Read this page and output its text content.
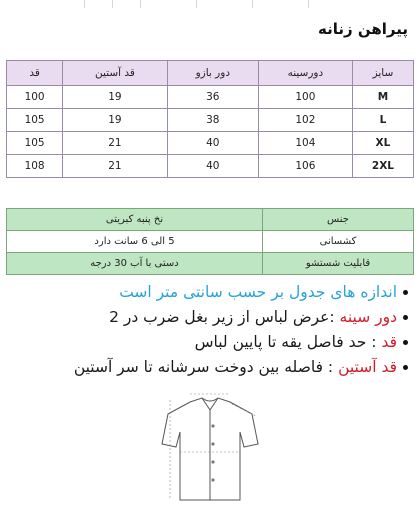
پیراهن زنانه
سایز	دورسینه	دور بازو	قد آستین	قد
M	100	36	19	100
L	102	38	19	105
XL	104	40	21	105
2XL	106	40	21	108
جنس	نخ پنبه کبریتی
کشسانی	5 الی 6 سانت دارد
قابلیت شستشو	دستی با آب 30 درجه
اندازه های جدول بر حسب سانتی متر است
دور سینه :عرض لباس از زیر بغل ضرب در 2
قد : حد فاصل یقه تا پایین لباس
قد آستین : فاصله بین دوخت سرشانه تا سر آستین
